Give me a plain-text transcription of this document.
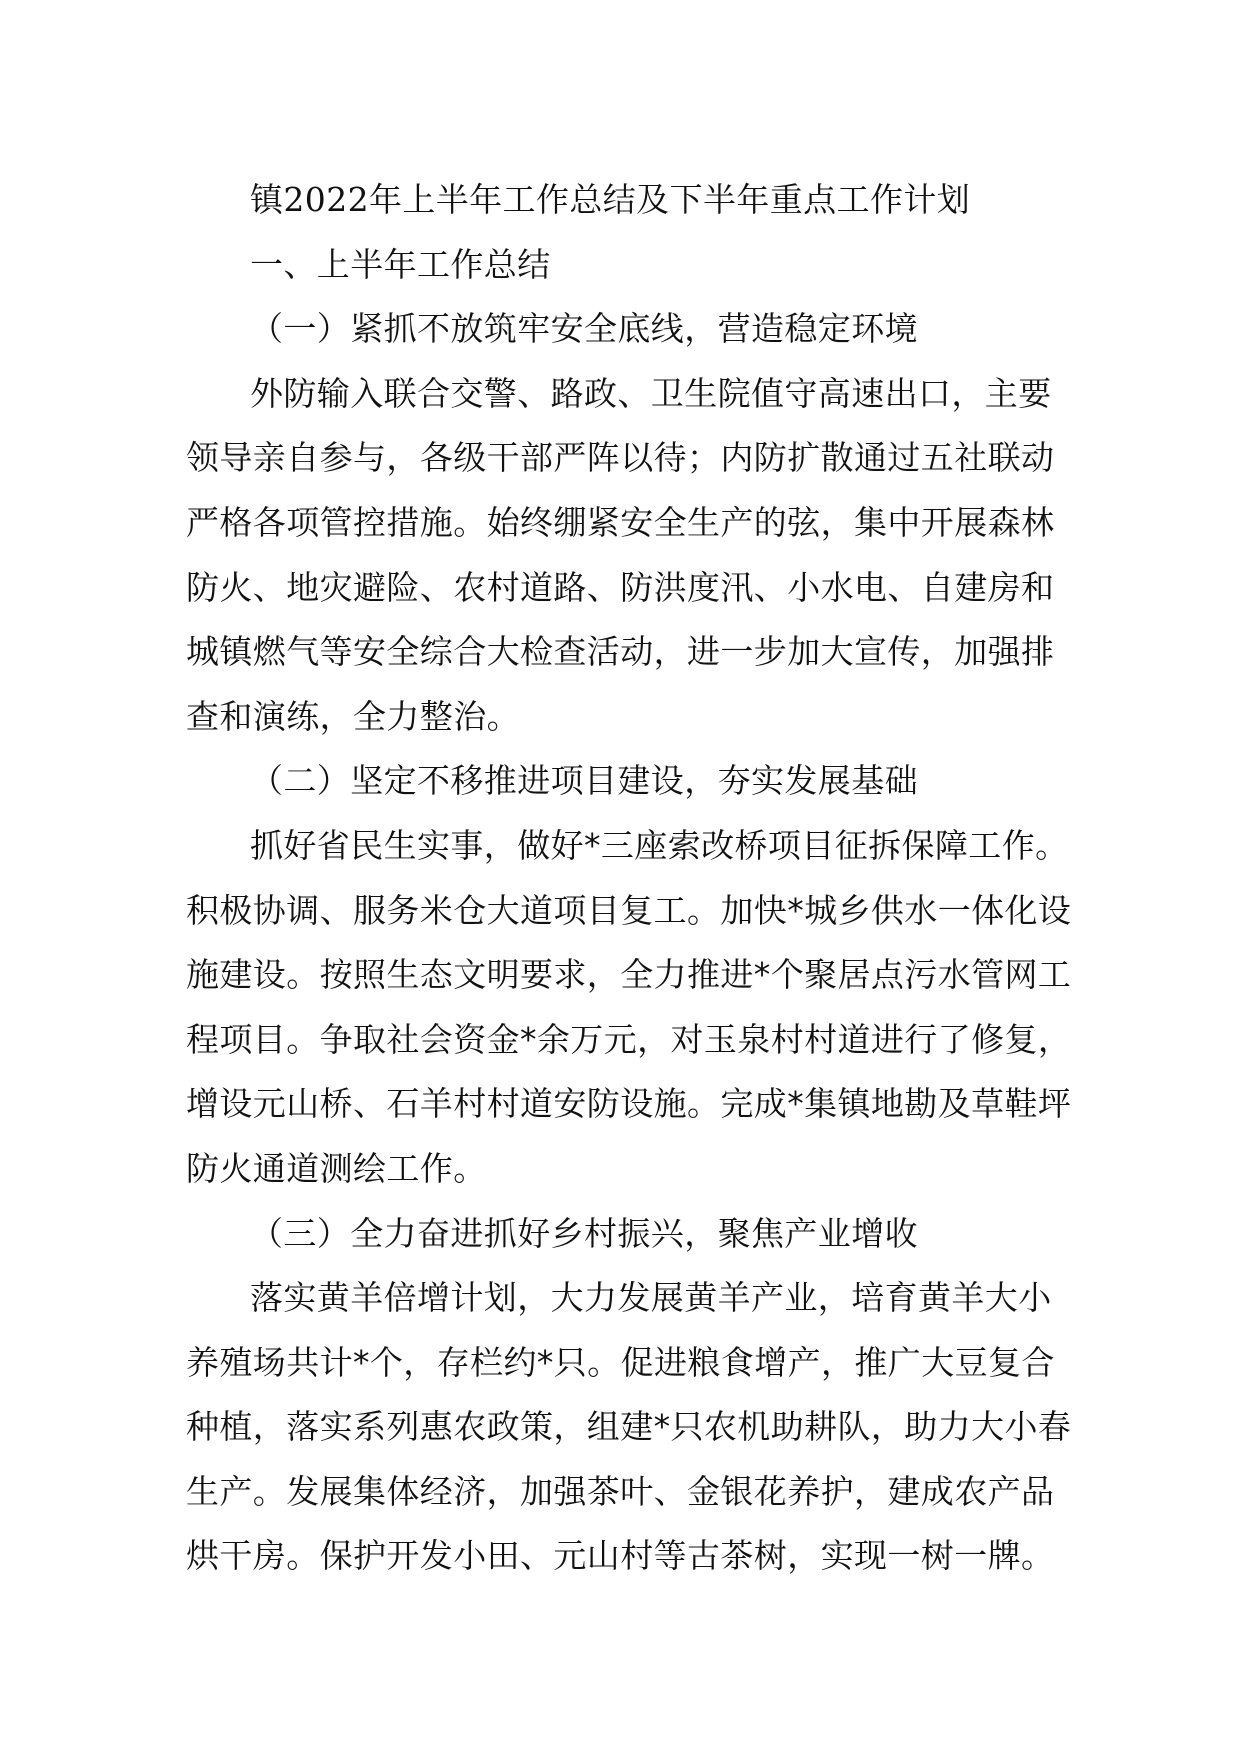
镇2022年上半年工作总结及下半年重点工作计划

一、上半年工作总结

（一）紧抓不放筑牢安全底线，营造稳定环境

外防输入联合交警、路政、卫生院值守高速出口，主要领导亲自参与，各级干部严阵以待；内防扩散通过五社联动严格各项管控措施。始终绷紧安全生产的弦，集中开展森林防火、地灾避险、农村道路、防洪度汛、小水电、自建房和城镇燃气等安全综合大检查活动，进一步加大宣传，加强排查和演练，全力整治。

（二）坚定不移推进项目建设，夯实发展基础

抓好省民生实事，做好*三座索改桥项目征拆保障工作。积极协调、服务米仓大道项目复工。加快*城乡供水一体化设施建设。按照生态文明要求，全力推进*个聚居点污水管网工程项目。争取社会资金*余万元，对玉泉村村道进行了修复，增设元山桥、石羊村村道安防设施。完成*集镇地勘及草鞋坪防火通道测绘工作。

（三）全力奋进抓好乡村振兴，聚焦产业增收

落实黄羊倍增计划，大力发展黄羊产业，培育黄羊大小养殖场共计*个，存栏约*只。促进粮食增产，推广大豆复合种植，落实系列惠农政策，组建*只农机助耕队，助力大小春生产。发展集体经济，加强茶叶、金银花养护，建成农产品烘干房。保护开发小田、元山村等古茶树，实现一树一牌。
